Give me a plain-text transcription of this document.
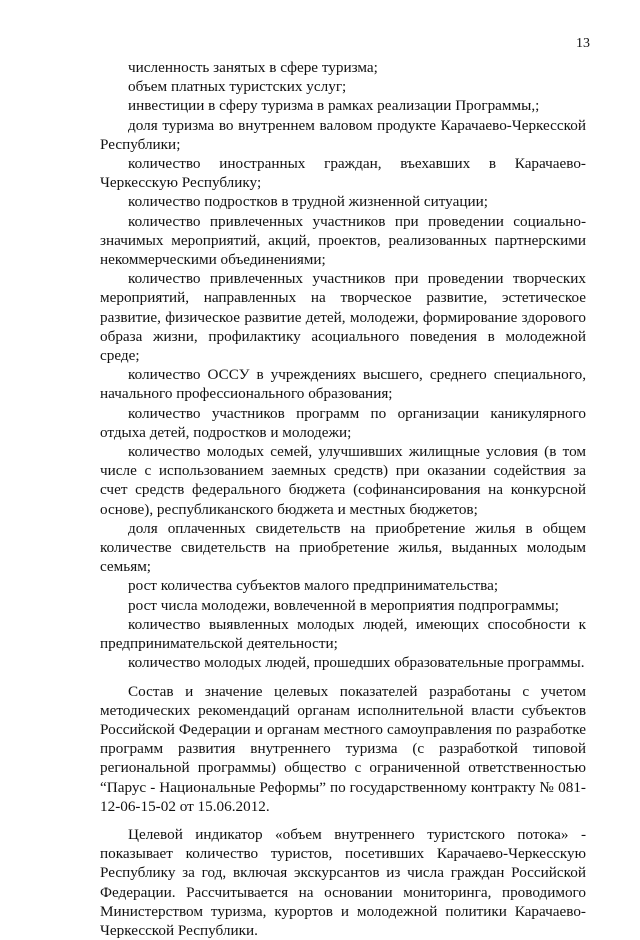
13

численность занятых в сфере туризма;

объем платных туристских услуг;

инвестиции в сферу туризма в рамках реализации Программы,;

доля туризма во внутреннем валовом продукте Карачаево-Черкесской Республики;

количество иностранных граждан, въехавших в Карачаево-Черкесскую Республику;

количество подростков в трудной жизненной ситуации;

количество привлеченных участников при проведении социально-значимых мероприятий, акций, проектов, реализованных партнерскими некоммерческими объединениями;

количество привлеченных участников при проведении творческих мероприятий, направленных на творческое развитие, эстетическое развитие, физическое развитие детей, молодежи, формирование здорового образа жизни, профилактику асоциального поведения в молодежной среде;

количество ОССУ в учреждениях высшего, среднего специального, начального профессионального образования;

количество участников программ по организации каникулярного отдыха детей, подростков и молодежи;

количество молодых семей, улучшивших жилищные условия (в том числе с использованием заемных средств) при оказании содействия за счет средств федерального бюджета (софинансирования на конкурсной основе), республиканского бюджета и местных бюджетов;

доля оплаченных свидетельств на приобретение жилья в общем количестве свидетельств на приобретение жилья, выданных молодым семьям;

рост количества субъектов малого предпринимательства;

рост числа молодежи, вовлеченной в мероприятия подпрограммы;

количество выявленных молодых людей, имеющих способности к предпринимательской деятельности;

количество молодых людей, прошедших образовательные программы.

Состав и значение целевых показателей разработаны с учетом методических рекомендаций органам исполнительной власти субъектов Российской Федерации и органам местного самоуправления по разработке программ развития внутреннего туризма (с разработкой типовой региональной программы) общество с ограниченной ответственностью “Парус - Национальные Реформы” по государственному контракту № 081-12-06-15-02 от 15.06.2012.

Целевой индикатор «объем внутреннего туристского потока» - показывает количество туристов, посетивших Карачаево-Черкесскую Республику за год, включая экскурсантов из числа граждан Российской Федерации. Рассчитывается на основании мониторинга, проводимого Министерством туризма, курортов и молодежной политики Карачаево-Черкесской Республики.
